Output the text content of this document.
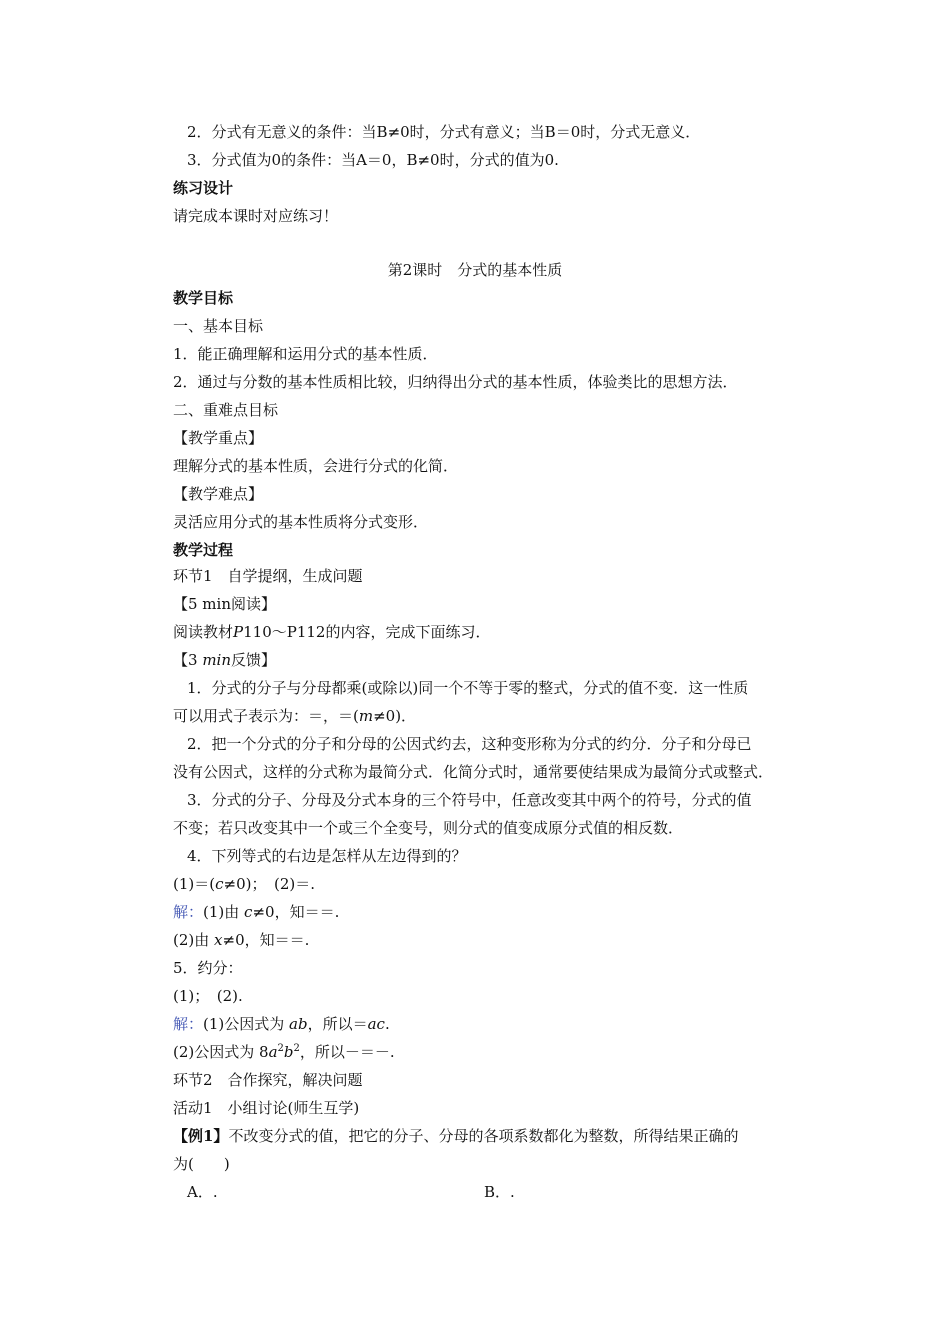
2．分式有无意义的条件：当B≠0时，分式有意义；当B＝0时，分式无意义．
3．分式值为0的条件：当A＝0，B≠0时，分式的值为0.
练习设计
请完成本课时对应练习！
第2课时　分式的基本性质
教学目标
一、基本目标
1．能正确理解和运用分式的基本性质．
2．通过与分数的基本性质相比较，归纳得出分式的基本性质，体验类比的思想方法．
二、重难点目标
【教学重点】
理解分式的基本性质，会进行分式的化简．
【教学难点】
灵活应用分式的基本性质将分式变形．
教学过程
环节1　自学提纲，生成问题
【5 min阅读】
阅读教材P110～P112的内容，完成下面练习．
【3 min反馈】
1．分式的分子与分母都乘(或除以)同一个不等于零的整式，分式的值不变．这一性质
可以用式子表示为：＝，＝(m≠0)．
2．把一个分式的分子和分母的公因式约去，这种变形称为分式的约分．分子和分母已
没有公因式，这样的分式称为最简分式．化简分式时，通常要使结果成为最简分式或整式．
3．分式的分子、分母及分式本身的三个符号中，任意改变其中两个的符号，分式的值
不变；若只改变其中一个或三个全变号，则分式的值变成原分式值的相反数．
4．下列等式的右边是怎样从左边得到的？
(1)＝(c≠0)；　(2)＝.
解：(1)由 c≠0，知＝＝.
(2)由 x≠0，知＝＝.
5．约分：
(1)；　(2).
解：(1)公因式为 ab，所以＝ac.
(2)公因式为 $8a^2b^2$，所以－＝－.
环节2　合作探究，解决问题
活动1　小组讨论(师生互学)
【例1】不改变分式的值，把它的分子、分母的各项系数都化为整数，所得结果正确的
为(　　)
A．.	B．.
